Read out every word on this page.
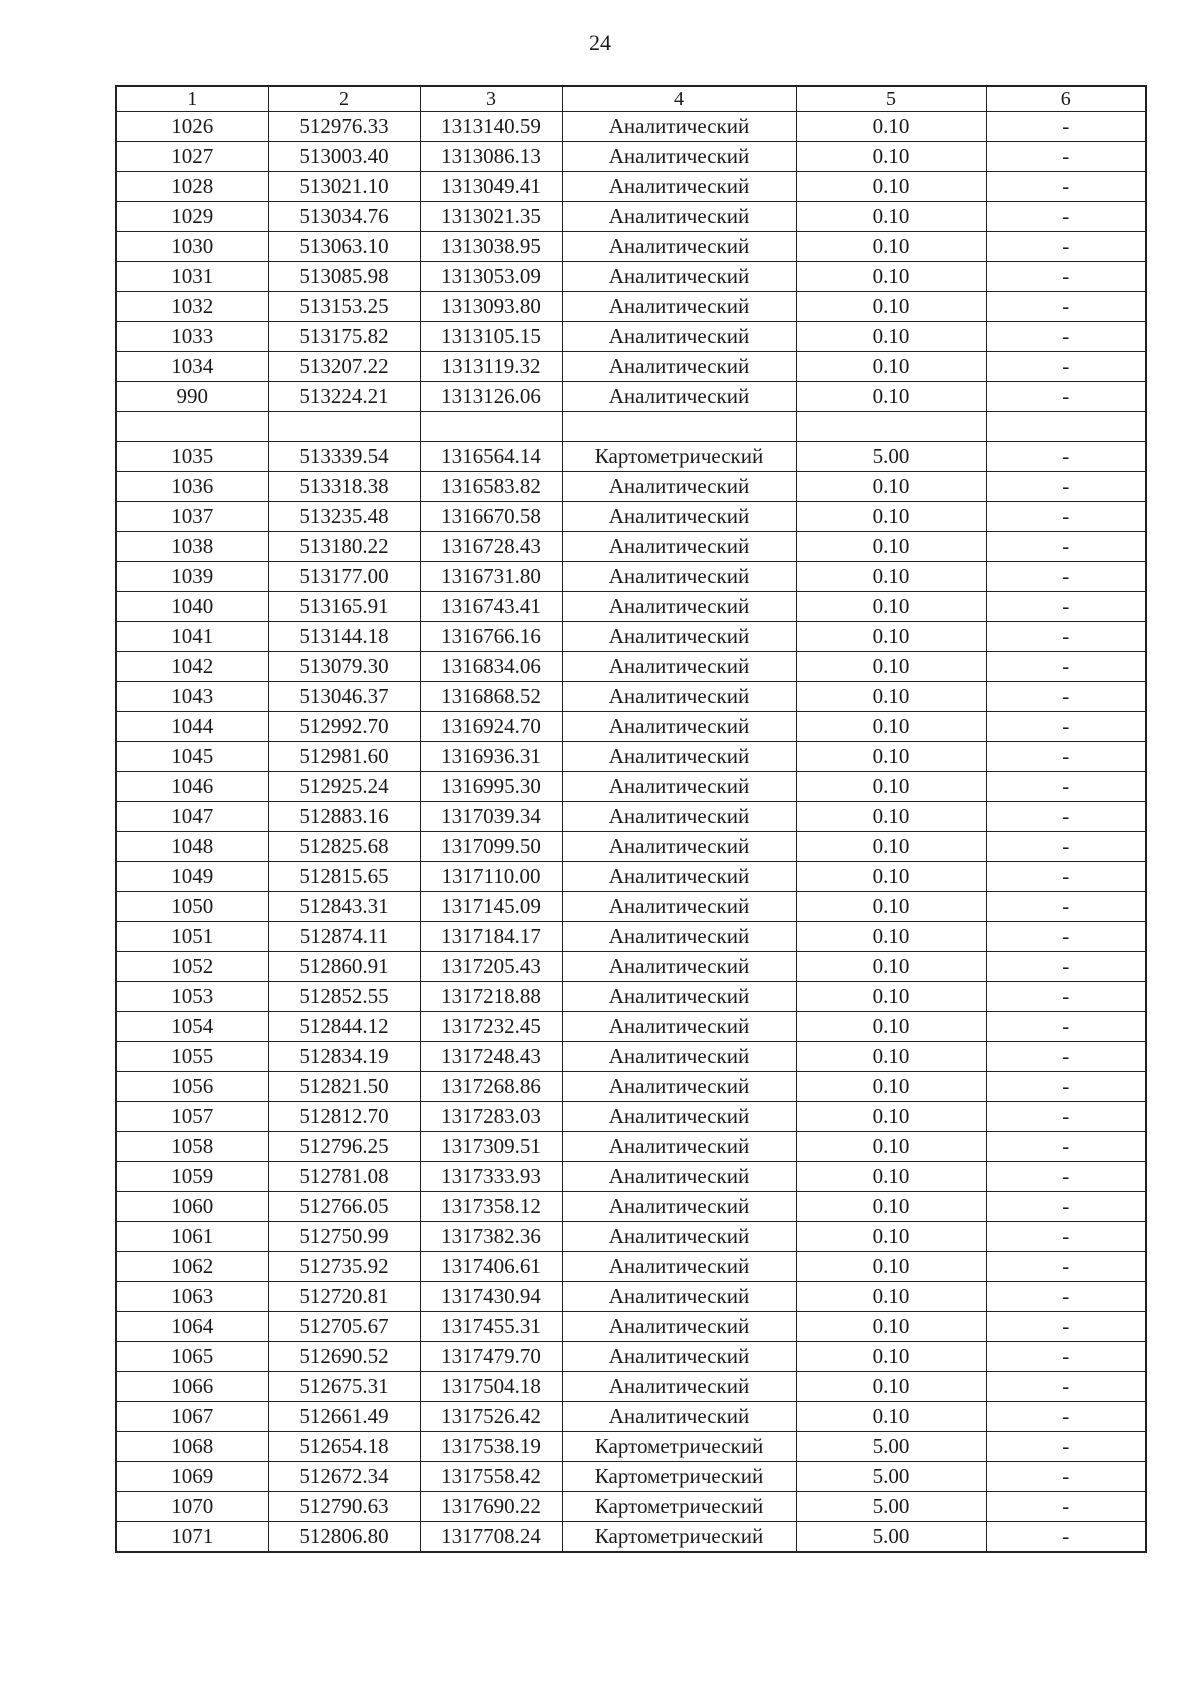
24
1	2	3	4	5	6
1026	512976.33	1313140.59	Аналитический	0.10	-
1027	513003.40	1313086.13	Аналитический	0.10	-
1028	513021.10	1313049.41	Аналитический	0.10	-
1029	513034.76	1313021.35	Аналитический	0.10	-
1030	513063.10	1313038.95	Аналитический	0.10	-
1031	513085.98	1313053.09	Аналитический	0.10	-
1032	513153.25	1313093.80	Аналитический	0.10	-
1033	513175.82	1313105.15	Аналитический	0.10	-
1034	513207.22	1313119.32	Аналитический	0.10	-
990	513224.21	1313126.06	Аналитический	0.10	-

1035	513339.54	1316564.14	Картометрический	5.00	-
1036	513318.38	1316583.82	Аналитический	0.10	-
1037	513235.48	1316670.58	Аналитический	0.10	-
1038	513180.22	1316728.43	Аналитический	0.10	-
1039	513177.00	1316731.80	Аналитический	0.10	-
1040	513165.91	1316743.41	Аналитический	0.10	-
1041	513144.18	1316766.16	Аналитический	0.10	-
1042	513079.30	1316834.06	Аналитический	0.10	-
1043	513046.37	1316868.52	Аналитический	0.10	-
1044	512992.70	1316924.70	Аналитический	0.10	-
1045	512981.60	1316936.31	Аналитический	0.10	-
1046	512925.24	1316995.30	Аналитический	0.10	-
1047	512883.16	1317039.34	Аналитический	0.10	-
1048	512825.68	1317099.50	Аналитический	0.10	-
1049	512815.65	1317110.00	Аналитический	0.10	-
1050	512843.31	1317145.09	Аналитический	0.10	-
1051	512874.11	1317184.17	Аналитический	0.10	-
1052	512860.91	1317205.43	Аналитический	0.10	-
1053	512852.55	1317218.88	Аналитический	0.10	-
1054	512844.12	1317232.45	Аналитический	0.10	-
1055	512834.19	1317248.43	Аналитический	0.10	-
1056	512821.50	1317268.86	Аналитический	0.10	-
1057	512812.70	1317283.03	Аналитический	0.10	-
1058	512796.25	1317309.51	Аналитический	0.10	-
1059	512781.08	1317333.93	Аналитический	0.10	-
1060	512766.05	1317358.12	Аналитический	0.10	-
1061	512750.99	1317382.36	Аналитический	0.10	-
1062	512735.92	1317406.61	Аналитический	0.10	-
1063	512720.81	1317430.94	Аналитический	0.10	-
1064	512705.67	1317455.31	Аналитический	0.10	-
1065	512690.52	1317479.70	Аналитический	0.10	-
1066	512675.31	1317504.18	Аналитический	0.10	-
1067	512661.49	1317526.42	Аналитический	0.10	-
1068	512654.18	1317538.19	Картометрический	5.00	-
1069	512672.34	1317558.42	Картометрический	5.00	-
1070	512790.63	1317690.22	Картометрический	5.00	-
1071	512806.80	1317708.24	Картометрический	5.00	-
